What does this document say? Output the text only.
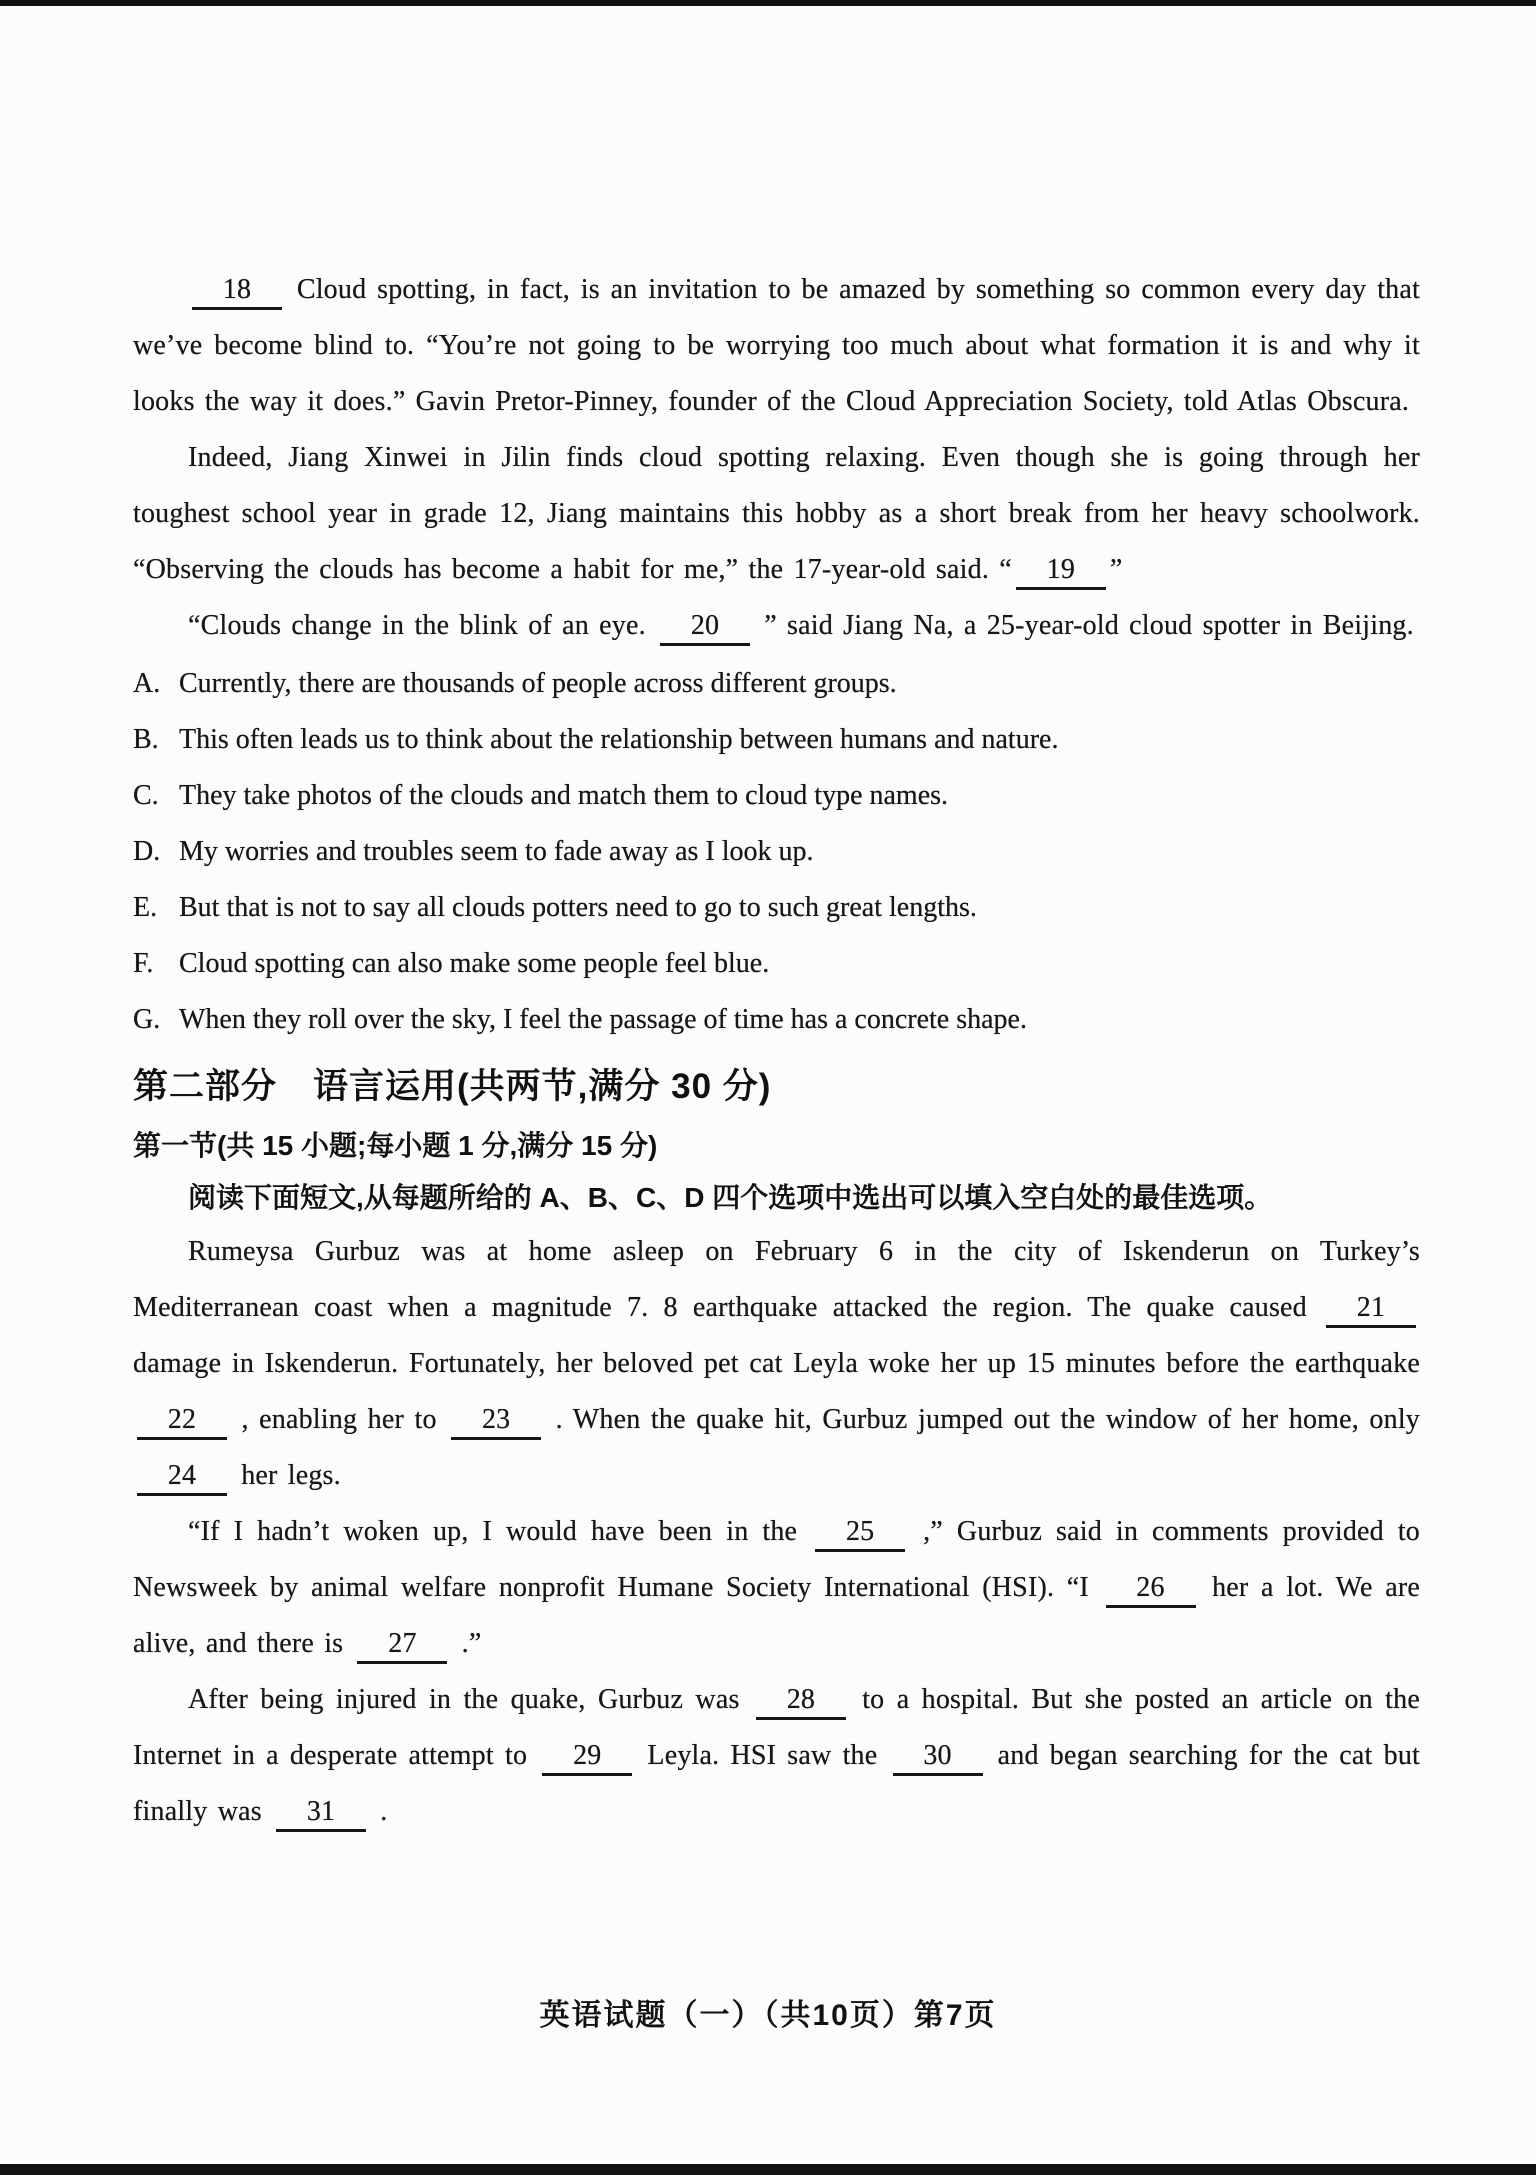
18 Cloud spotting, in fact, is an invitation to be amazed by something so common every day that we’ve become blind to. “You’re not going to be worrying too much about what formation it is and why it looks the way it does.” Gavin Pretor-Pinney, founder of the Cloud Appreciation Society, told Atlas Obscura.

Indeed, Jiang Xinwei in Jilin finds cloud spotting relaxing. Even though she is going through her toughest school year in grade 12, Jiang maintains this hobby as a short break from her heavy schoolwork. “Observing the clouds has become a habit for me,” the 17-year-old said. “ 19 ”

“Clouds change in the blink of an eye. 20 ” said Jiang Na, a 25-year-old cloud spotter in Beijing.

A. Currently, there are thousands of people across different groups.
B. This often leads us to think about the relationship between humans and nature.
C. They take photos of the clouds and match them to cloud type names.
D. My worries and troubles seem to fade away as I look up.
E. But that is not to say all clouds potters need to go to such great lengths.
F. Cloud spotting can also make some people feel blue.
G. When they roll over the sky, I feel the passage of time has a concrete shape.
第二部分　语言运用(共两节,满分 30 分)
第一节(共 15 小题;每小题 1 分,满分 15 分)

阅读下面短文,从每题所给的 A、B、C、D 四个选项中选出可以填入空白处的最佳选项。

Rumeysa Gurbuz was at home asleep on February 6 in the city of Iskenderun on Turkey’s Mediterranean coast when a magnitude 7. 8 earthquake attacked the region. The quake caused 21 damage in Iskenderun. Fortunately, her beloved pet cat Leyla woke her up 15 minutes before the earthquake 22 , enabling her to 23 . When the quake hit, Gurbuz jumped out the window of her home, only 24 her legs.

“If I hadn’t woken up, I would have been in the 25 ,” Gurbuz said in comments provided to Newsweek by animal welfare nonprofit Humane Society International (HSI). “I 26 her a lot. We are alive, and there is 27 .”

After being injured in the quake, Gurbuz was 28 to a hospital. But she posted an article on the Internet in a desperate attempt to 29 Leyla. HSI saw the 30 and began searching for the cat but finally was 31 .

英语试题（一）（共10页）第7页
